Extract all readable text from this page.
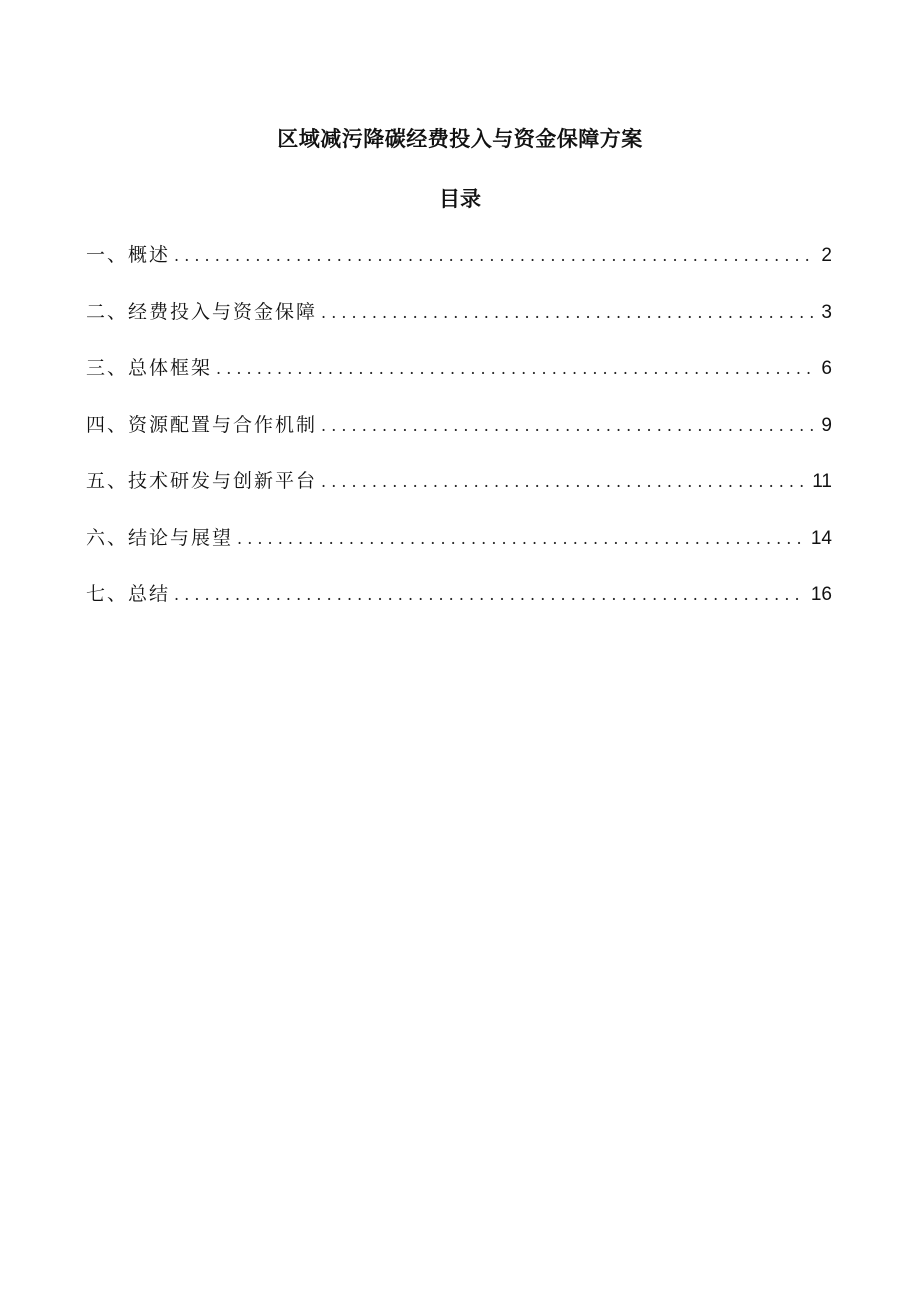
区域减污降碳经费投入与资金保障方案
目录
一、概述 . . .	2
二、经费投入与资金保障 . . .	3
三、总体框架 . . .	6
四、资源配置与合作机制 . . .	9
五、技术研发与创新平台 . . .	11
六、结论与展望 . . .	14
七、总结 . . .	16
